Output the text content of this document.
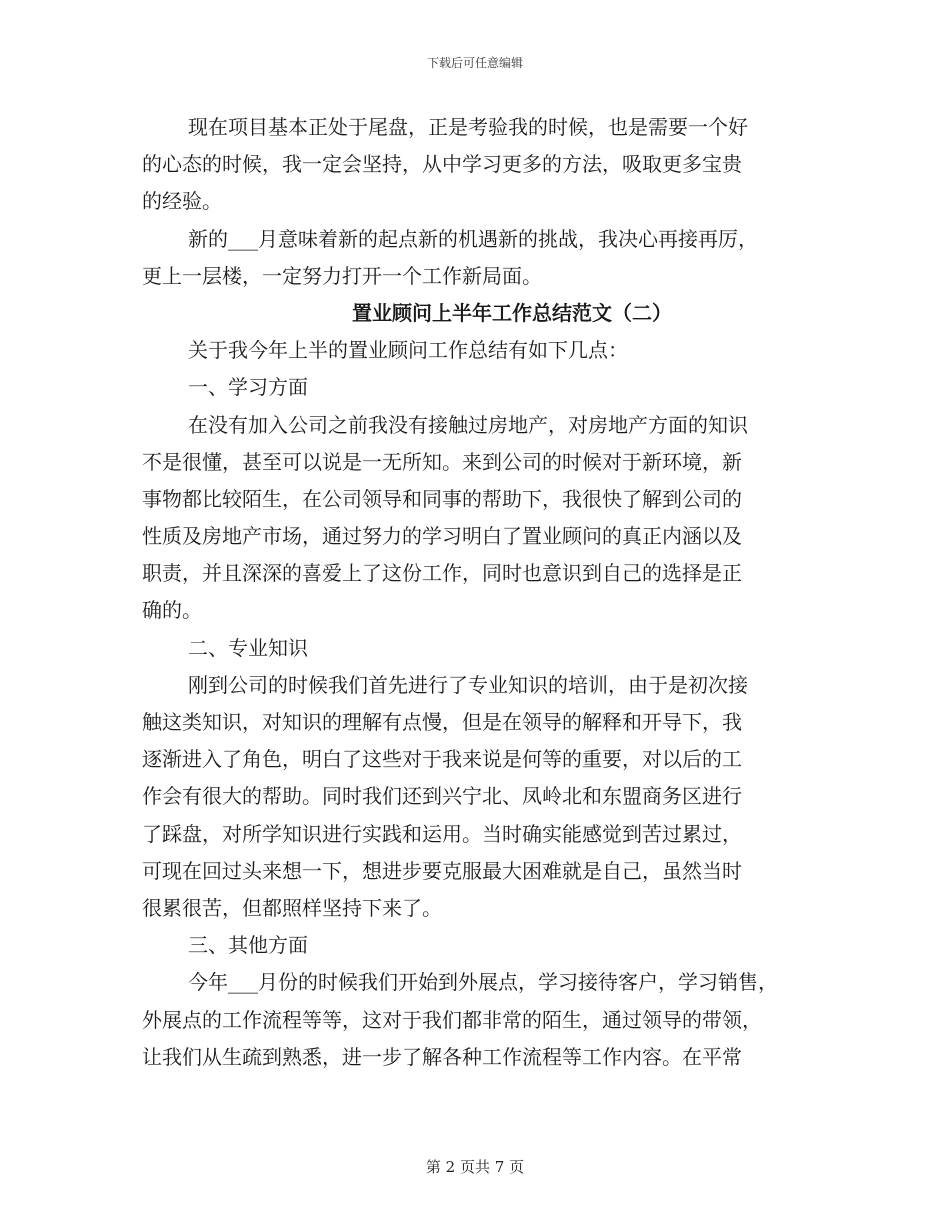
下载后可任意编辑
现在项目基本正处于尾盘，正是考验我的时候，也是需要一个好
的心态的时候，我一定会坚持，从中学习更多的方法，吸取更多宝贵
的经验。
新的___月意味着新的起点新的机遇新的挑战，我决心再接再厉，
更上一层楼，一定努力打开一个工作新局面。
置业顾问上半年工作总结范文（二）
关于我今年上半的置业顾问工作总结有如下几点：
一、学习方面
在没有加入公司之前我没有接触过房地产，对房地产方面的知识
不是很懂，甚至可以说是一无所知。来到公司的时候对于新环境，新
事物都比较陌生，在公司领导和同事的帮助下，我很快了解到公司的
性质及房地产市场，通过努力的学习明白了置业顾问的真正内涵以及
职责，并且深深的喜爱上了这份工作，同时也意识到自己的选择是正
确的。
二、专业知识
刚到公司的时候我们首先进行了专业知识的培训，由于是初次接
触这类知识，对知识的理解有点慢，但是在领导的解释和开导下，我
逐渐进入了角色，明白了这些对于我来说是何等的重要，对以后的工
作会有很大的帮助。同时我们还到兴宁北、凤岭北和东盟商务区进行
了踩盘，对所学知识进行实践和运用。当时确实能感觉到苦过累过，
可现在回过头来想一下，想进步要克服最大困难就是自己，虽然当时
很累很苦，但都照样坚持下来了。
三、其他方面
今年___月份的时候我们开始到外展点，学习接待客户，学习销售，
外展点的工作流程等等，这对于我们都非常的陌生，通过领导的带领，
让我们从生疏到熟悉，进一步了解各种工作流程等工作内容。在平常
第 2 页共 7 页
